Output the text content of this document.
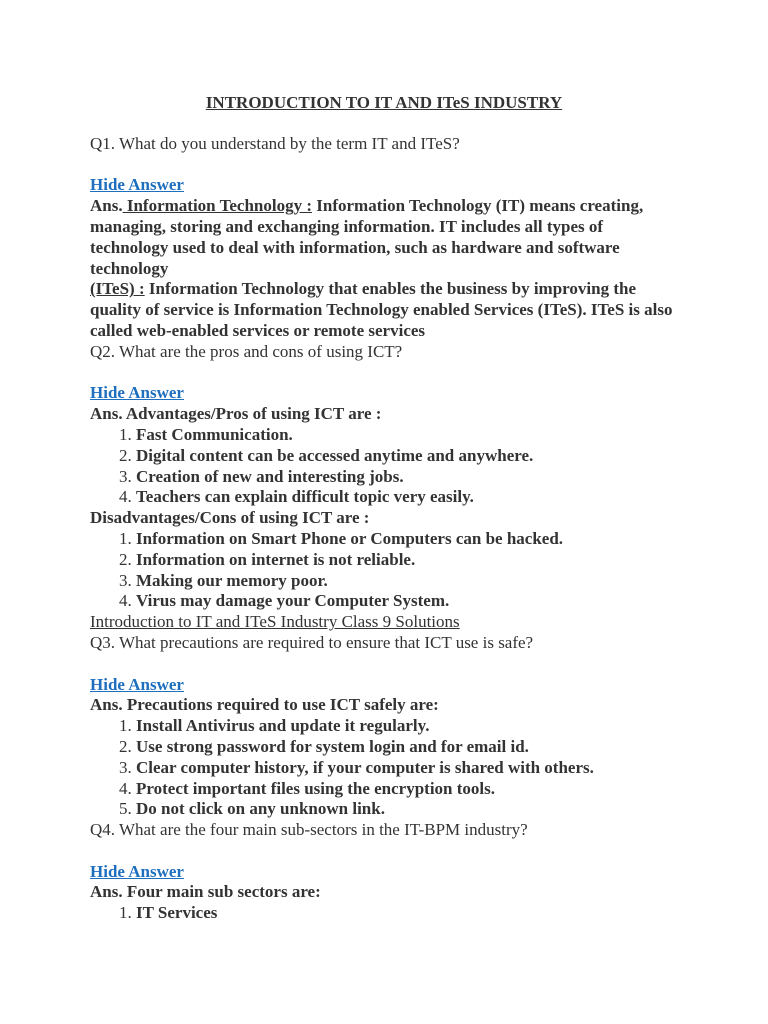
INTRODUCTION TO IT AND ITeS INDUSTRY

Q1. What do you understand by the term IT and ITeS?

Hide Answer

Ans. Information Technology : Information Technology (IT) means creating, managing, storing and exchanging information. IT includes all types of technology used to deal with information, such as hardware and software technology

(ITeS) : Information Technology that enables the business by improving the quality of service is Information Technology enabled Services (ITeS). ITeS is also called web-enabled services or remote services

Q2. What are the pros and cons of using ICT?

Hide Answer

Ans. Advantages/Pros of using ICT are :

1. Fast Communication.
2. Digital content can be accessed anytime and anywhere.
3. Creation of new and interesting jobs.
4. Teachers can explain difficult topic very easily.

Disadvantages/Cons of using ICT are :

1. Information on Smart Phone or Computers can be hacked.
2. Information on internet is not reliable.
3. Making our memory poor.
4. Virus may damage your Computer System.
Introduction to IT and ITeS Industry Class 9 Solutions

Q3. What precautions are required to ensure that ICT use is safe?

Hide Answer

Ans. Precautions required to use ICT safely are:

1. Install Antivirus and update it regularly.
2. Use strong password for system login and for email id.
3. Clear computer history, if your computer is shared with others.
4. Protect important files using the encryption tools.
5. Do not click on any unknown link.

Q4. What are the four main sub-sectors in the IT-BPM industry?

Hide Answer

Ans. Four main sub sectors are:

1. IT Services
